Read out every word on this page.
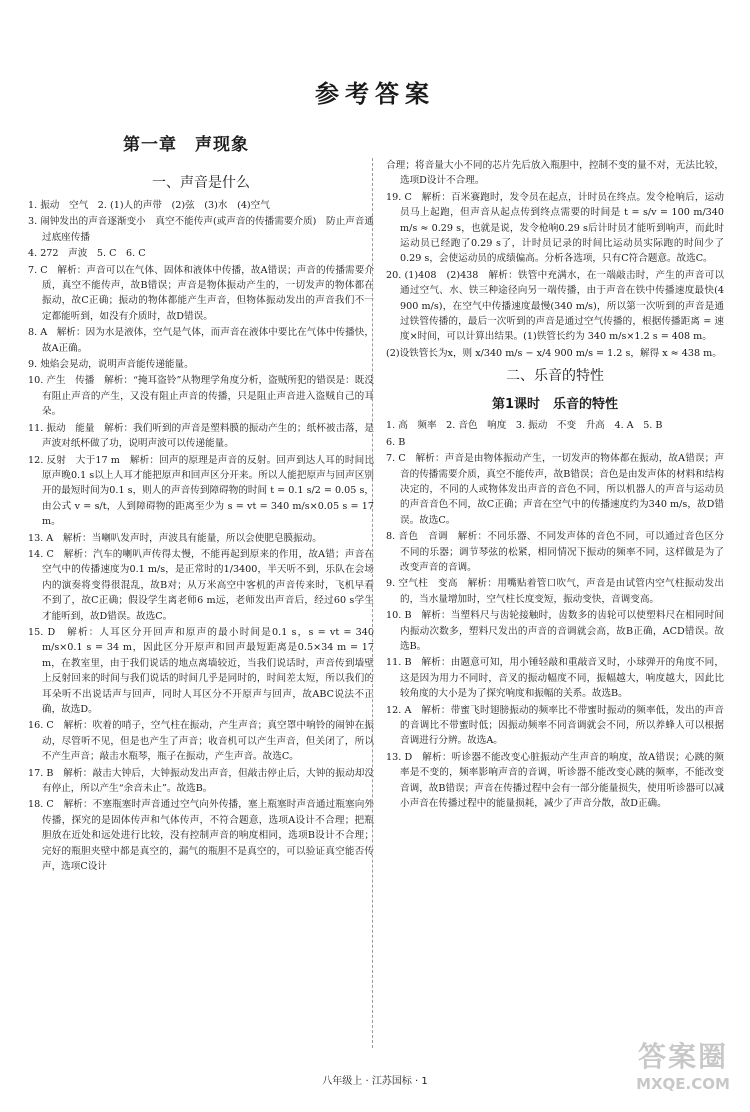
参考答案
第一章　声现象
一、声音是什么

1. 振动　空气　2. (1)人的声带　(2)弦　(3)水　(4)空气

3. 闹钟发出的声音逐渐变小　真空不能传声(或声音的传播需要介质)　防止声音通过底座传播

4. 272　声波　5. C　6. C

7. C　解析：声音可以在气体、固体和液体中传播，故A错误；声音的传播需要介质，真空不能传声，故B错误；声音是物体振动产生的，一切发声的物体都在振动，故C正确；振动的物体都能产生声音，但物体振动发出的声音我们不一定都能听到，如没有介质时，故D错误。

8. A　解析：因为水是液体，空气是气体，而声音在液体中要比在气体中传播快，故A正确。

9. 烛焰会晃动，说明声音能传递能量。

10. 产生　传播　解析：“掩耳盗铃”从物理学角度分析，盗贼所犯的错误是：既没有阻止声音的产生，又没有阻止声音的传播，只是阻止声音进入盗贼自己的耳朵。

11. 振动　能量　解析：我们听到的声音是塑料膜的振动产生的；纸杯被击落，是声波对纸杯做了功，说明声波可以传递能量。

12. 反射　大于17 m　解析：回声的原理是声音的反射。回声到达人耳的时间比原声晚0.1 s以上人耳才能把原声和回声区分开来。所以人能把原声与回声区别开的最短时间为0.1 s，则人的声音传到障碍物的时间 t = 0.1 s/2 = 0.05 s，由公式 v = s/t，人到障碍物的距离至少为 s = vt = 340 m/s×0.05 s = 17 m。

13. A　解析：当喇叭发声时，声波具有能量，所以会使肥皂膜振动。

14. C　解析：汽车的喇叭声传得太慢，不能再起到原来的作用，故A错；声音在空气中的传播速度为0.1 m/s，是正常时的1/3400，半天听不到，乐队在会场内的演奏将变得很混乱，故B对；从万米高空中客机的声音传来时，飞机早看不到了，故C正确；假设学生离老师6 m远，老师发出声音后，经过60 s学生才能听到，故D错误。故选C。

15. D　解析：人耳区分开回声和原声的最小时间是0.1 s，s = vt = 340 m/s×0.1 s = 34 m，因此区分开原声和回声最短距离是0.5×34 m = 17 m，在教室里，由于我们说话的地点离墙较近，当我们说话时，声音传到墙壁上反射回来的时间与我们说话的时间几乎是同时的，时间差太短，所以我们的耳朵听不出说话声与回声，同时人耳区分不开原声与回声，故ABC说法不正确，故选D。

16. C　解析：吹着的哨子，空气柱在振动，产生声音；真空罩中响铃的闹钟在振动，尽管听不见，但是也产生了声音；收音机可以产生声音，但关闭了，所以不产生声音；敲击水瓶琴，瓶子在振动，产生声音。故选C。

17. B　解析：敲击大钟后，大钟振动发出声音，但敲击停止后，大钟的振动却没有停止，所以产生“余音未止”。故选B。

18. C　解析：不塞瓶塞时声音通过空气向外传播，塞上瓶塞时声音通过瓶塞向外传播，探究的是固体传声和气体传声，不符合题意，选项A设计不合理；把瓶胆放在近处和远处进行比较，没有控制声音的响度相同，选项B设计不合理；完好的瓶胆夹壁中都是真空的，漏气的瓶胆不是真空的，可以验证真空能否传声，选项C设计

合理；将音量大小不同的芯片先后放入瓶胆中，控制不变的量不对，无法比较，选项D设计不合理。

19. C　解析：百米赛跑时，发令员在起点，计时员在终点。发令枪响后，运动员马上起跑，但声音从起点传到终点需要的时间是 t = s/v = 100 m/340 m/s ≈ 0.29 s，也就是说，发令枪响0.29 s后计时员才能听到响声，而此时运动员已经跑了0.29 s了，计时员记录的时间比运动员实际跑的时间少了0.29 s，会使运动员的成绩偏高。分析各选项，只有C符合题意。故选C。

20. (1)408　(2)438　解析：铁管中充满水，在一端敲击时，产生的声音可以通过空气、水、铁三种途径向另一端传播，由于声音在铁中传播速度最快(4 900 m/s)，在空气中传播速度最慢(340 m/s)，所以第一次听到的声音是通过铁管传播的，最后一次听到的声音是通过空气传播的，根据传播距离 = 速度×时间，可以计算出结果。(1)铁管长约为 340 m/s×1.2 s = 408 m。

(2)设铁管长为x，则 x/340 m/s − x/4 900 m/s = 1.2 s，解得 x ≈ 438 m。

二、乐音的特性
第1课时　乐音的特性

1. 高　频率　2. 音色　响度　3. 振动　不变　升高　4. A　5. B

6. B

7. C　解析：声音是由物体振动产生，一切发声的物体都在振动，故A错误；声音的传播需要介质，真空不能传声，故B错误；音色是由发声体的材料和结构决定的，不同的人或物体发出声音的音色不同，所以机器人的声音与运动员的声音音色不同，故C正确；声音在空气中的传播速度约为340 m/s，故D错误。故选C。

8. 音色　音调　解析：不同乐器、不同发声体的音色不同，可以通过音色区分不同的乐器；调节琴弦的松紧，相同情况下振动的频率不同，这样做是为了改变声音的音调。

9. 空气柱　变高　解析：用嘴贴着管口吹气，声音是由试管内空气柱振动发出的，当水量增加时，空气柱长度变短，振动变快，音调变高。

10. B　解析：当塑料尺与齿轮接触时，齿数多的齿轮可以使塑料尺在相同时间内振动次数多，塑料尺发出的声音的音调就会高，故B正确，ACD错误。故选B。

11. B　解析：由题意可知，用小锤轻敲和重敲音叉时，小球弹开的角度不同，这是因为用力不同时，音叉的振动幅度不同，振幅越大，响度越大，因此比较角度的大小是为了探究响度和振幅的关系。故选B。

12. A　解析：带蜜飞时翅膀振动的频率比不带蜜时振动的频率低，发出的声音的音调比不带蜜时低；因振动频率不同音调就会不同，所以养蜂人可以根据音调进行分辨。故选A。

13. D　解析：听诊器不能改变心脏振动产生声音的响度，故A错误；心跳的频率是不变的，频率影响声音的音调，听诊器不能改变心跳的频率，不能改变音调，故B错误；声音在传播过程中会有一部分能量损失，使用听诊器可以减小声音在传播过程中的能量损耗，减少了声音分散，故D正确。

八年级上 · 江苏国标 · 1
答案圈
MXQE.COM
